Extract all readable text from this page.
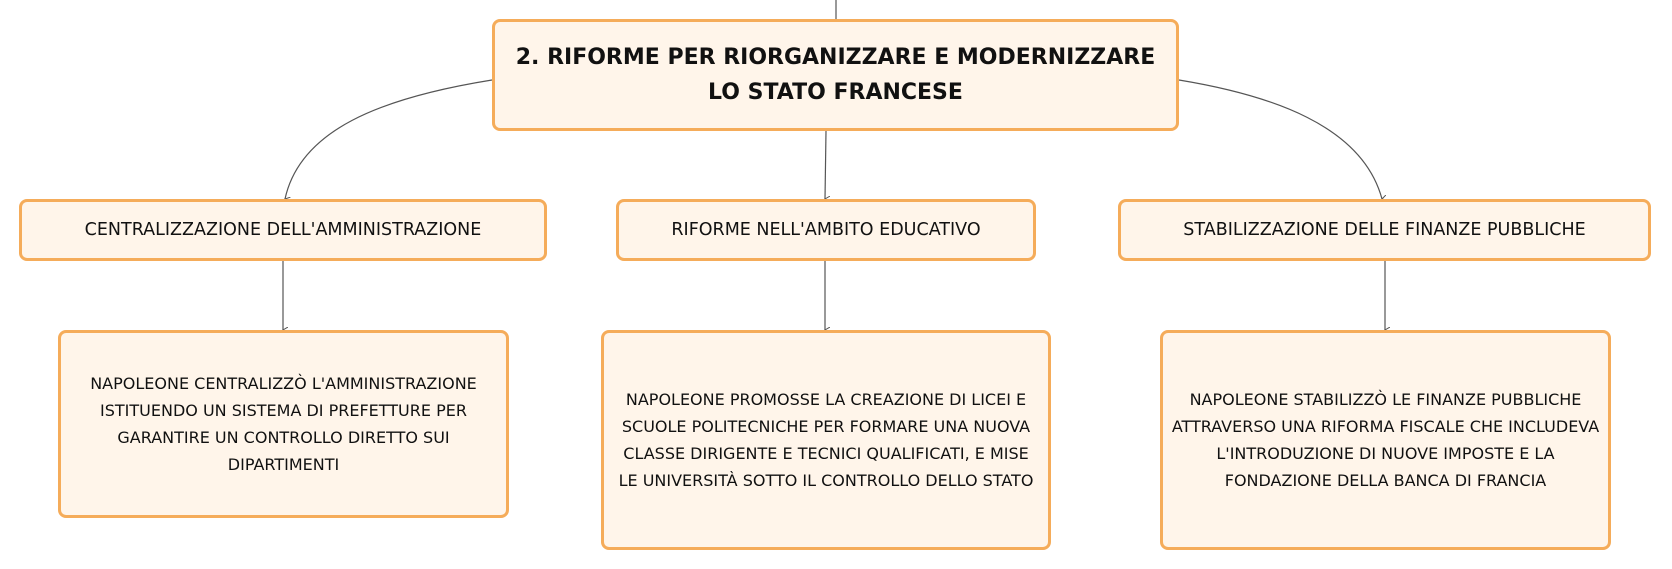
2. RIFORME PER RIORGANIZZARE E MODERNIZZARE LO STATO FRANCESE
CENTRALIZZAZIONE DELL'AMMINISTRAZIONE	RIFORME NELL'AMBITO EDUCATIVO	STABILIZZAZIONE DELLE FINANZE PUBBLICHE
NAPOLEONE CENTRALIZZÒ L'AMMINISTRAZIONE ISTITUENDO UN SISTEMA DI PREFETTURE PER GARANTIRE UN CONTROLLO DIRETTO SUI DIPARTIMENTI
NAPOLEONE PROMOSSE LA CREAZIONE DI LICEI E SCUOLE POLITECNICHE PER FORMARE UNA NUOVA CLASSE DIRIGENTE E TECNICI QUALIFICATI, E MISE LE UNIVERSITÀ SOTTO IL CONTROLLO DELLO STATO
NAPOLEONE STABILIZZÒ LE FINANZE PUBBLICHE ATTRAVERSO UNA RIFORMA FISCALE CHE INCLUDEVA L'INTRODUZIONE DI NUOVE IMPOSTE E LA FONDAZIONE DELLA BANCA DI FRANCIA
